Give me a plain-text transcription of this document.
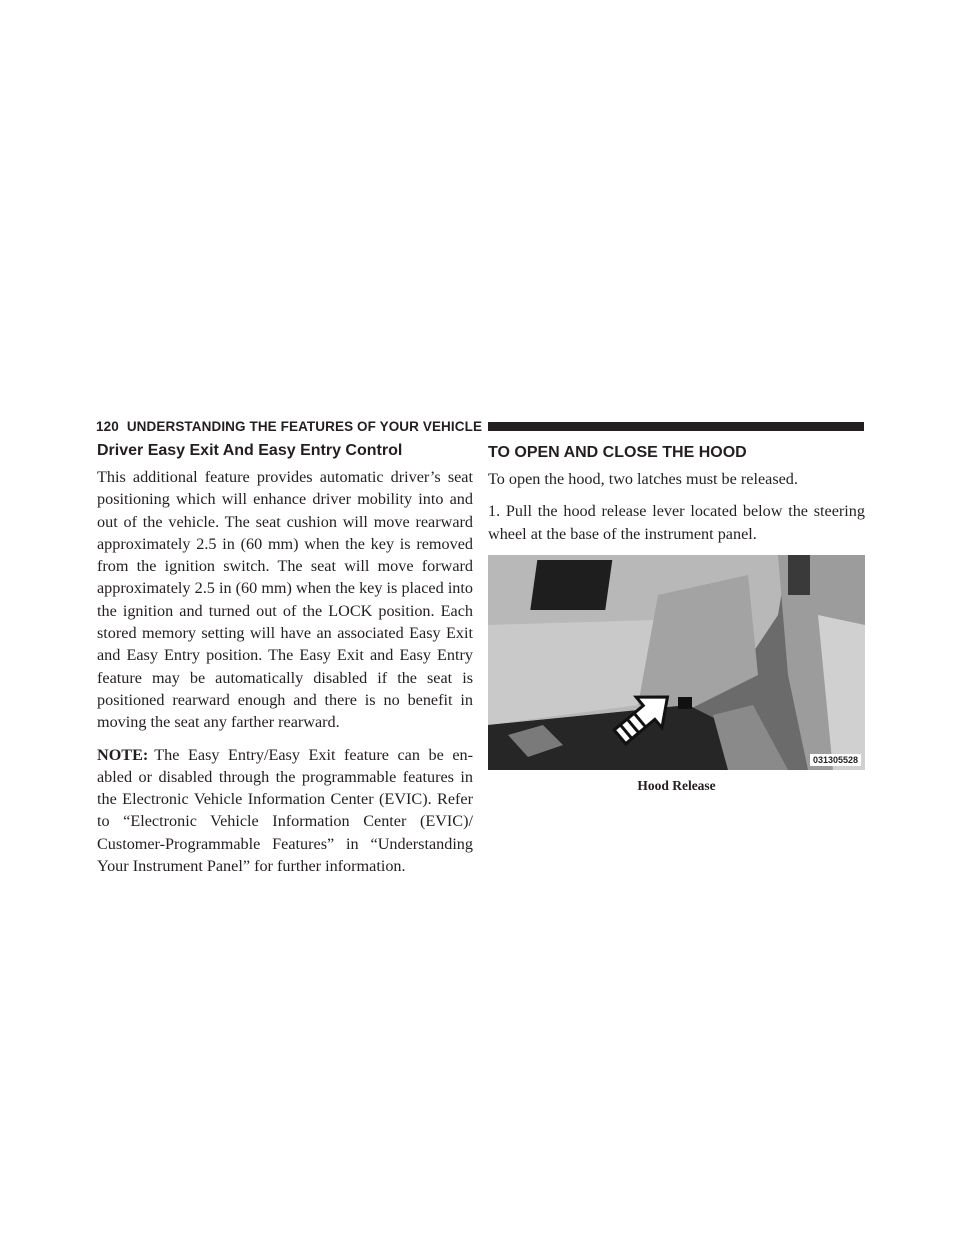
120 UNDERSTANDING THE FEATURES OF YOUR VEHICLE
Driver Easy Exit And Easy Entry Control

This additional feature provides automatic driver’s seat positioning which will enhance driver mobility into and out of the vehicle. The seat cushion will move rearward approximately 2.5 in (60 mm) when the key is removed from the ignition switch. The seat will move forward approximately 2.5 in (60 mm) when the key is placed into the ignition and turned out of the LOCK position. Each stored memory setting will have an associated Easy Exit and Easy Entry position. The Easy Exit and Easy Entry feature may be automatically disabled if the seat is positioned rearward enough and there is no benefit in moving the seat any farther rearward.

NOTE: The Easy Entry/Easy Exit feature can be en-abled or disabled through the programmable features in the Electronic Vehicle Information Center (EVIC). Refer to “Electronic Vehicle Information Center (EVIC)/ Customer-Programmable Features” in “Understanding Your Instrument Panel” for further information.

TO OPEN AND CLOSE THE HOOD

To open the hood, two latches must be released.

1. Pull the hood release lever located below the steering wheel at the base of the instrument panel.

031305528
Hood Release
